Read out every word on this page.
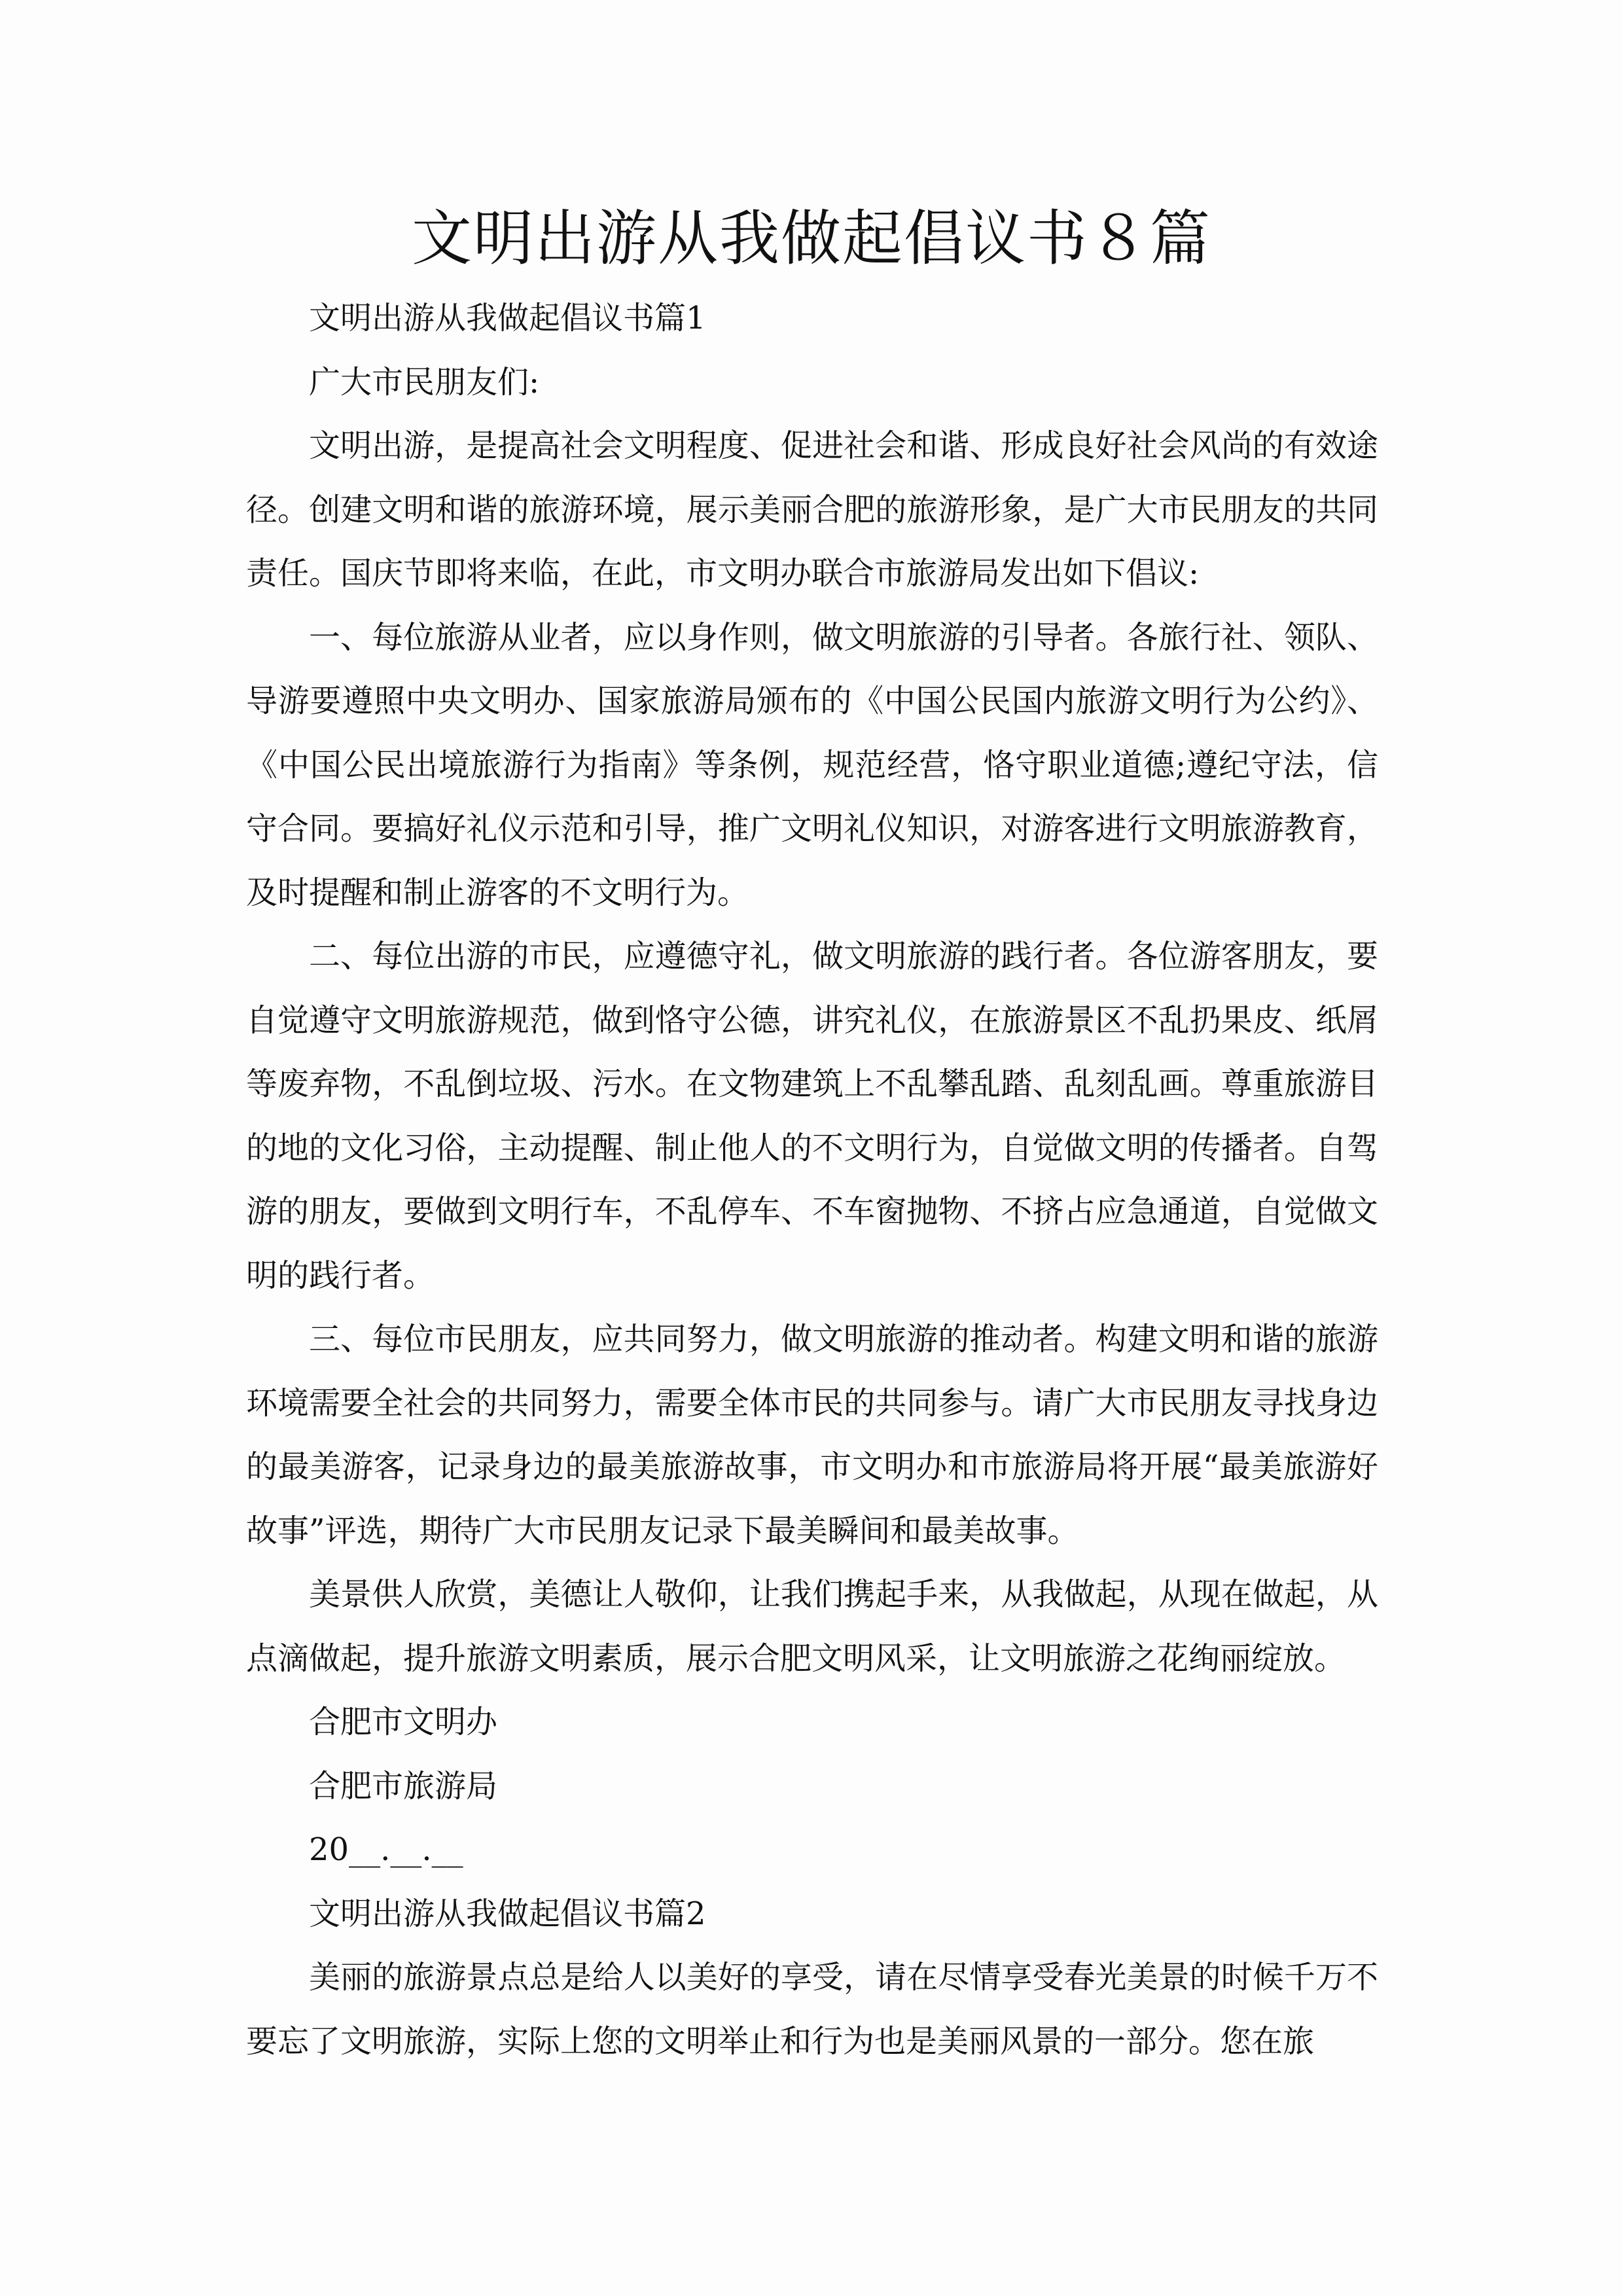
文明出游从我做起倡议书８篇

文明出游从我做起倡议书篇1

广大市民朋友们:

文明出游，是提高社会文明程度、促进社会和谐、形成良好社会风尚的有效途径。创建文明和谐的旅游环境，展示美丽合肥的旅游形象，是广大市民朋友的共同责任。国庆节即将来临，在此，市文明办联合市旅游局发出如下倡议:

一、每位旅游从业者，应以身作则，做文明旅游的引导者。各旅行社、领队、导游要遵照中央文明办、国家旅游局颁布的《中国公民国内旅游文明行为公约》、《中国公民出境旅游行为指南》等条例，规范经营，恪守职业道德;遵纪守法，信守合同。要搞好礼仪示范和引导，推广文明礼仪知识，对游客进行文明旅游教育，及时提醒和制止游客的不文明行为。

二、每位出游的市民，应遵德守礼，做文明旅游的践行者。各位游客朋友，要自觉遵守文明旅游规范，做到恪守公德，讲究礼仪，在旅游景区不乱扔果皮、纸屑等废弃物，不乱倒垃圾、污水。在文物建筑上不乱攀乱踏、乱刻乱画。尊重旅游目的地的文化习俗，主动提醒、制止他人的不文明行为，自觉做文明的传播者。自驾游的朋友，要做到文明行车，不乱停车、不车窗抛物、不挤占应急通道，自觉做文明的践行者。

三、每位市民朋友，应共同努力，做文明旅游的推动者。构建文明和谐的旅游环境需要全社会的共同努力，需要全体市民的共同参与。请广大市民朋友寻找身边的最美游客，记录身边的最美旅游故事，市文明办和市旅游局将开展“最美旅游好故事”评选，期待广大市民朋友记录下最美瞬间和最美故事。

美景供人欣赏，美德让人敬仰，让我们携起手来，从我做起，从现在做起，从点滴做起，提升旅游文明素质，展示合肥文明风采，让文明旅游之花绚丽绽放。

合肥市文明办

合肥市旅游局

20__.__.__

文明出游从我做起倡议书篇2

美丽的旅游景点总是给人以美好的享受，请在尽情享受春光美景的时候千万不要忘了文明旅游，实际上您的文明举止和行为也是美丽风景的一部分。您在旅
